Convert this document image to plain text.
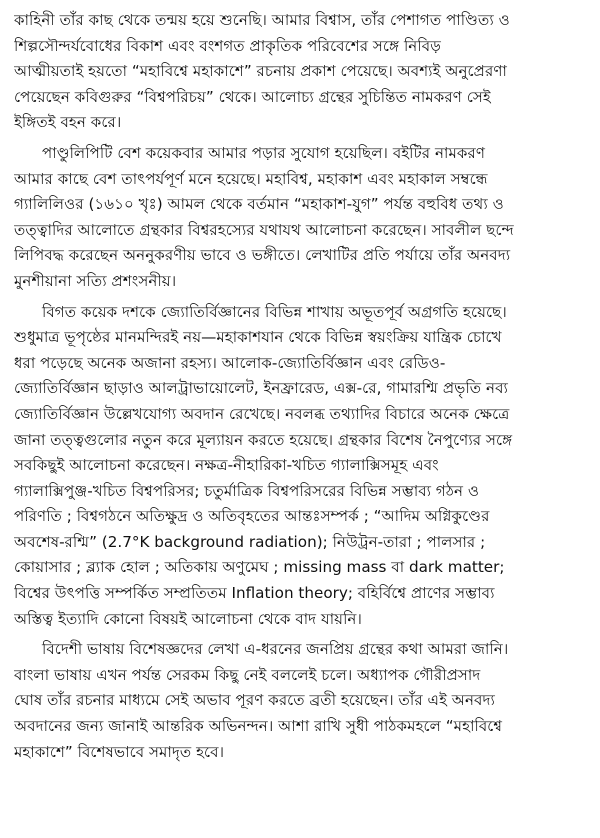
কাহিনী তাঁর কাছ থেকে তন্ময় হয়ে শুনেছি। আমার বিশ্বাস, তাঁর পেশাগত পাণ্ডিত্য ও
শিল্পসৌন্দর্যবোধের বিকাশ এবং বংশগত প্রাকৃতিক পরিবেশের সঙ্গে নিবিড়
আত্মীয়তাই হয়তো “মহাবিশ্বে মহাকাশে” রচনায় প্রকাশ পেয়েছে। অবশ্যই অনুপ্রেরণা
পেয়েছেন কবিগুরুর “বিশ্বপরিচয়” থেকে। আলোচ্য গ্রন্থের সুচিন্তিত নামকরণ সেই
ইঙ্গিতই বহন করে।
পাণ্ডুলিপিটি বেশ কয়েকবার আমার পড়ার সুযোগ হয়েছিল। বইটির নামকরণ
আমার কাছে বেশ তাৎপর্যপূর্ণ মনে হয়েছে। মহাবিশ্ব, মহাকাশ এবং মহাকাল সম্বন্ধে
গ্যালিলিওর (১৬১০ খৃঃ) আমল থেকে বর্তমান “মহাকাশ-যুগ” পর্যন্ত বহুবিধ তথ্য ও
তত্ত্বাদির আলোতে গ্রন্থকার বিশ্বরহস্যের যথাযথ আলোচনা করেছেন। সাবলীল ছন্দে
লিপিবদ্ধ করেছেন অননুকরণীয় ভাবে ও ভঙ্গীতে। লেখাটির প্রতি পর্যায়ে তাঁর অনবদ্য
মুনশীয়ানা সত্যি প্রশংসনীয়।
বিগত কয়েক দশকে জ্যোতির্বিজ্ঞানের বিভিন্ন শাখায় অভূতপূর্ব অগ্রগতি হয়েছে।
শুধুমাত্র ভূপৃষ্ঠের মানমন্দিরই নয়—মহাকাশযান থেকে বিভিন্ন স্বয়ংক্রিয় যান্ত্রিক চোখে
ধরা পড়েছে অনেক অজানা রহস্য। আলোক-জ্যোতির্বিজ্ঞান এবং রেডিও-
জ্যোতির্বিজ্ঞান ছাড়াও আলট্রাভায়োলেট, ইনফ্রারেড, এক্স-রে, গামারশ্মি প্রভৃতি নব্য
জ্যোতির্বিজ্ঞান উল্লেখযোগ্য অবদান রেখেছে। নবলব্ধ তথ্যাদির বিচারে অনেক ক্ষেত্রে
জানা তত্ত্বগুলোর নতুন করে মূল্যায়ন করতে হয়েছে। গ্রন্থকার বিশেষ নৈপুণ্যের সঙ্গে
সবকিছুই আলোচনা করেছেন। নক্ষত্র-নীহারিকা-খচিত গ্যালাক্সিসমূহ এবং
গ্যালাক্সিপুঞ্জ-খচিত বিশ্বপরিসর; চতুর্মাত্রিক বিশ্বপরিসরের বিভিন্ন সম্ভাব্য গঠন ও
পরিণতি ; বিশ্বগঠনে অতিক্ষুদ্র ও অতিবৃহতের আন্তঃসম্পর্ক ; “আদিম অগ্নিকুণ্ডের
অবশেষ-রশ্মি” (2.7°K background radiation); নিউট্রন-তারা ; পালসার ;
কোয়াসার ; ব্ল্যাক হোল ; অতিকায় অণুমেঘ ; missing mass বা dark matter;
বিশ্বের উৎপত্তি সম্পর্কিত সম্প্রতিতম Inflation theory; বহির্বিশ্বে প্রাণের সম্ভাব্য
অস্তিত্ব ইত্যাদি কোনো বিষয়ই আলোচনা থেকে বাদ যায়নি।
বিদেশী ভাষায় বিশেষজ্ঞদের লেখা এ-ধরনের জনপ্রিয় গ্রন্থের কথা আমরা জানি।
বাংলা ভাষায় এখন পর্যন্ত সেরকম কিছু নেই বললেই চলে। অধ্যাপক গৌরীপ্রসাদ
ঘোষ তাঁর রচনার মাধ্যমে সেই অভাব পূরণ করতে ব্রতী হয়েছেন। তাঁর এই অনবদ্য
অবদানের জন্য জানাই আন্তরিক অভিনন্দন। আশা রাখি সুধী পাঠকমহলে “মহাবিশ্বে
মহাকাশে” বিশেষভাবে সমাদৃত হবে।
